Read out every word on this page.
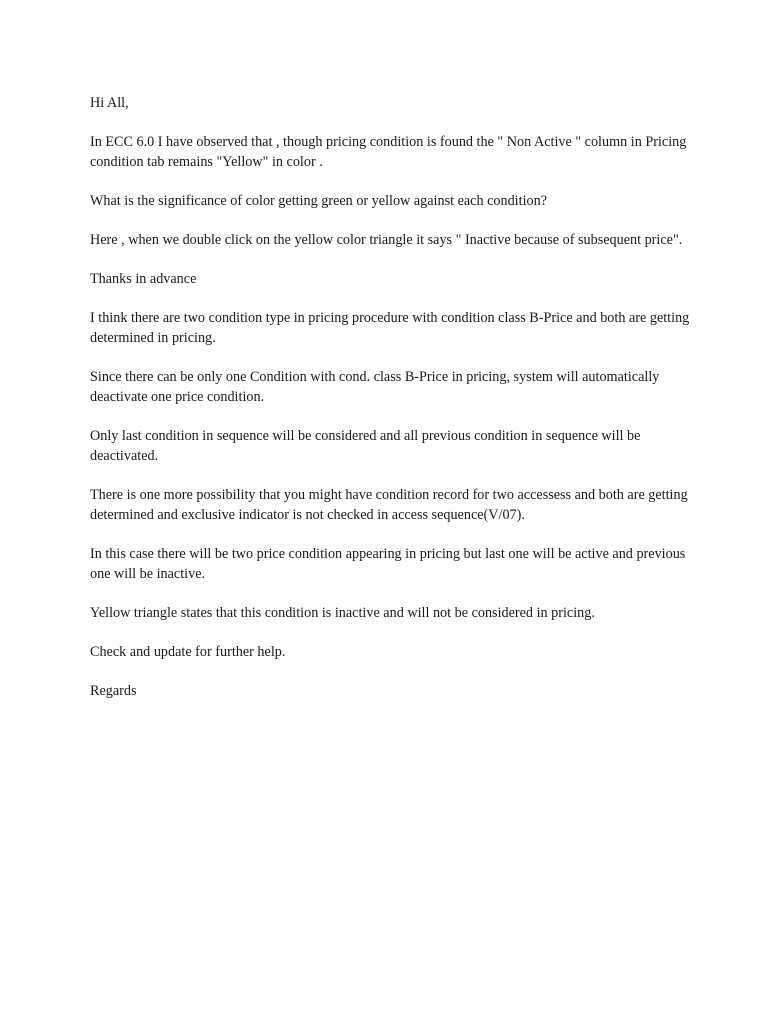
Hi All,

In ECC 6.0 I have observed that , though pricing condition is found the " Non Active " column in Pricing condition tab remains "Yellow" in color .

What is the significance of color getting green or yellow against each condition?

Here , when we double click on the yellow color triangle it says " Inactive because of subsequent price".

Thanks in advance

I think there are two condition type in pricing procedure with condition class B-Price and both are getting determined in pricing.

Since there can be only one Condition with cond. class B-Price in pricing, system will automatically deactivate one price condition.

Only last condition in sequence will be considered and all previous condition in sequence will be deactivated.

There is one more possibility that you might have condition record for two accessess and both are getting determined and exclusive indicator is not checked in access sequence(V/07).

In this case there will be two price condition appearing in pricing but last one will be active and previous one will be inactive.

Yellow triangle states that this condition is inactive and will not be considered in pricing.

Check and update for further help.

Regards
